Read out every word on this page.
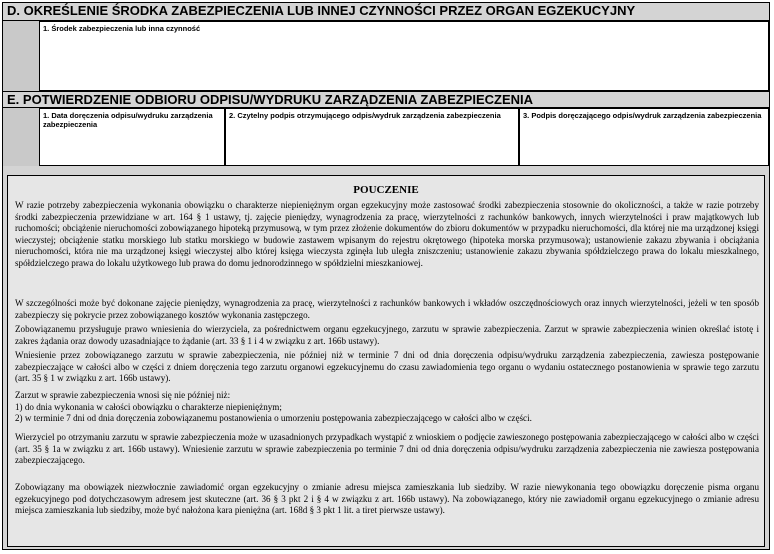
D. OKREŚLENIE ŚRODKA ZABEZPIECZENIA LUB INNEJ CZYNNOŚCI PRZEZ ORGAN EGZEKUCYJNY
1. Środek zabezpieczenia lub inna czynność
E. POTWIERDZENIE ODBIORU ODPISU/WYDRUKU ZARZĄDZENIA ZABEZPIECZENIA
1. Data doręczenia odpisu/wydruku zarządzenia zabezpieczenia
2. Czytelny podpis otrzymującego odpis/wydruk zarządzenia zabezpieczenia	3. Podpis doręczającego odpis/wydruk zarządzenia zabezpieczenia
POUCZENIE
W razie potrzeby zabezpieczenia wykonania obowiązku o charakterze niepieniężnym organ egzekucyjny może zastosować środki zabezpieczenia stosownie do okoliczności, a także w razie potrzeby środki zabezpieczenia przewidziane w art. 164 § 1 ustawy, tj. zajęcie pieniędzy, wynagrodzenia za pracę, wierzytelności z rachunków bankowych, innych wierzytelności i praw majątkowych lub ruchomości; obciążenie nieruchomości zobowiązanego hipoteką przymusową, w tym przez złożenie dokumentów do zbioru dokumentów w przypadku nieruchomości, dla której nie ma urządzonej księgi wieczystej; obciążenie statku morskiego lub statku morskiego w budowie zastawem wpisanym do rejestru okrętowego (hipoteka morska przymusowa); ustanowienie zakazu zbywania i obciążania nieruchomości, która nie ma urządzonej księgi wieczystej albo której księga wieczysta zginęła lub uległa zniszczeniu; ustanowienie zakazu zbywania spółdzielczego prawa do lokalu mieszkalnego, spółdzielczego prawa do lokalu użytkowego lub prawa do domu jednorodzinnego w spółdzielni mieszkaniowej.
W szczególności może być dokonane zajęcie pieniędzy, wynagrodzenia za pracę, wierzytelności z rachunków bankowych i wkładów oszczędnościowych oraz innych wierzytelności, jeżeli w ten sposób zabezpieczy się pokrycie przez zobowiązanego kosztów wykonania zastępczego.
Zobowiązanemu przysługuje prawo wniesienia do wierzyciela, za pośrednictwem organu egzekucyjnego, zarzutu w sprawie zabezpieczenia. Zarzut w sprawie zabezpieczenia winien określać istotę i zakres żądania oraz dowody uzasadniające to żądanie (art. 33 § 1 i 4 w związku z art. 166b ustawy).
Wniesienie przez zobowiązanego zarzutu w sprawie zabezpieczenia, nie później niż w terminie 7 dni od dnia doręczenia odpisu/wydruku zarządzenia zabezpieczenia, zawiesza postępowanie zabezpieczające w całości albo w części z dniem doręczenia tego zarzutu organowi egzekucyjnemu do czasu zawiadomienia tego organu o wydaniu ostatecznego postanowienia w sprawie tego zarzutu (art. 35 § 1 w związku z art. 166b ustawy).
Zarzut w sprawie zabezpieczenia wnosi się nie później niż:
1) do dnia wykonania w całości obowiązku o charakterze niepieniężnym;
2) w terminie 7 dni od dnia doręczenia zobowiązanemu postanowienia o umorzeniu postępowania zabezpieczającego w całości albo w części.
Wierzyciel po otrzymaniu zarzutu w sprawie zabezpieczenia może w uzasadnionych przypadkach wystąpić z wnioskiem o podjęcie zawieszonego postępowania zabezpieczającego w całości albo w części (art. 35 § 1a w związku z art. 166b ustawy). Wniesienie zarzutu w sprawie zabezpieczenia po terminie 7 dni od dnia doręczenia odpisu/wydruku zarządzenia zabezpieczenia nie zawiesza postępowania zabezpieczającego.
Zobowiązany ma obowiązek niezwłocznie zawiadomić organ egzekucyjny o zmianie adresu miejsca zamieszkania lub siedziby. W razie niewykonania tego obowiązku doręczenie pisma organu egzekucyjnego pod dotychczasowym adresem jest skuteczne (art. 36 § 3 pkt 2 i § 4 w związku z art. 166b ustawy). Na zobowiązanego, który nie zawiadomił organu egzekucyjnego o zmianie adresu miejsca zamieszkania lub siedziby, może być nałożona kara pieniężna (art. 168d § 3 pkt 1 lit. a tiret pierwsze ustawy).
